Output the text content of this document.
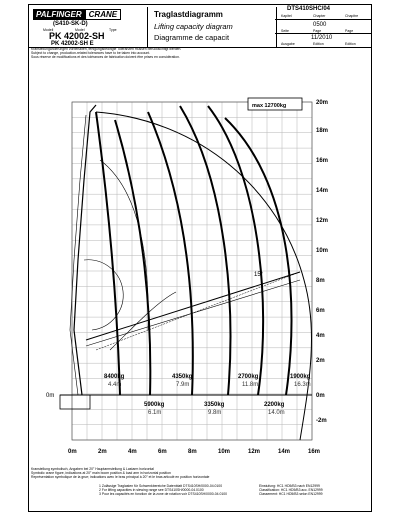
PALFINGER CRANE
(S410-SK-D)
Modell	Model	Type
PK 42002-SH
PK 42002-SH E
Traglastdiagramm
Lifting capacity diagram
Diagramme de capacit
DTS410SHC/04
Kapitel	Chapter	Chapitre
0500
Seite	Page	Page
11/2010
Ausgabe	Edition	Edition
Kranstellungänderungen vorbehalten, fertigungsbedingte Toleranzen müssen berücksichtigt werden.
Subject to change, production-related tolerances have to be taken into account.
Sous réserve de modifications et des tolérances de fabrication doivent être prises en considération.
Kranstellung symbolisch, Angaben bei 20° Hauptarmstellung & Lastarm horizontal
Symbolic crane figure, indications at 20° main boom position & load arm in horizontal position
Représentation symbolique de la grue; indications avec le bras principal à 20° et le bras articulé en position horizontale
1 Zulässige Traglasten für Schwenkbereiche Datenblatt DTS410SH/0000-04.0100
2 For lifting capacities in slewing range see DTS410SH/0000-04.0100
3 Pour les capacités en fonction de la zone de rotation voir DTS410SH/0000-04.0100
Einstufung: HC1 HD5/B3 nach EN12999
Classification: HC1 HD5/B3 acc. EN12999
Classement: HC1 HD5/B3 selon EN12999
0m
20m
18m
16m
14m
12m
10m
8m
6m
4m
2m
0m
-2m
0m	2m	4m	6m	8m	10m	12m	14m	16m
max 12700kg
15°
8400kg
4.4m
4350kg
7.9m
2700kg
11.8m
1900kg
16.3m
5900kg
6.1m
3350kg
9.8m
2200kg
14.0m
